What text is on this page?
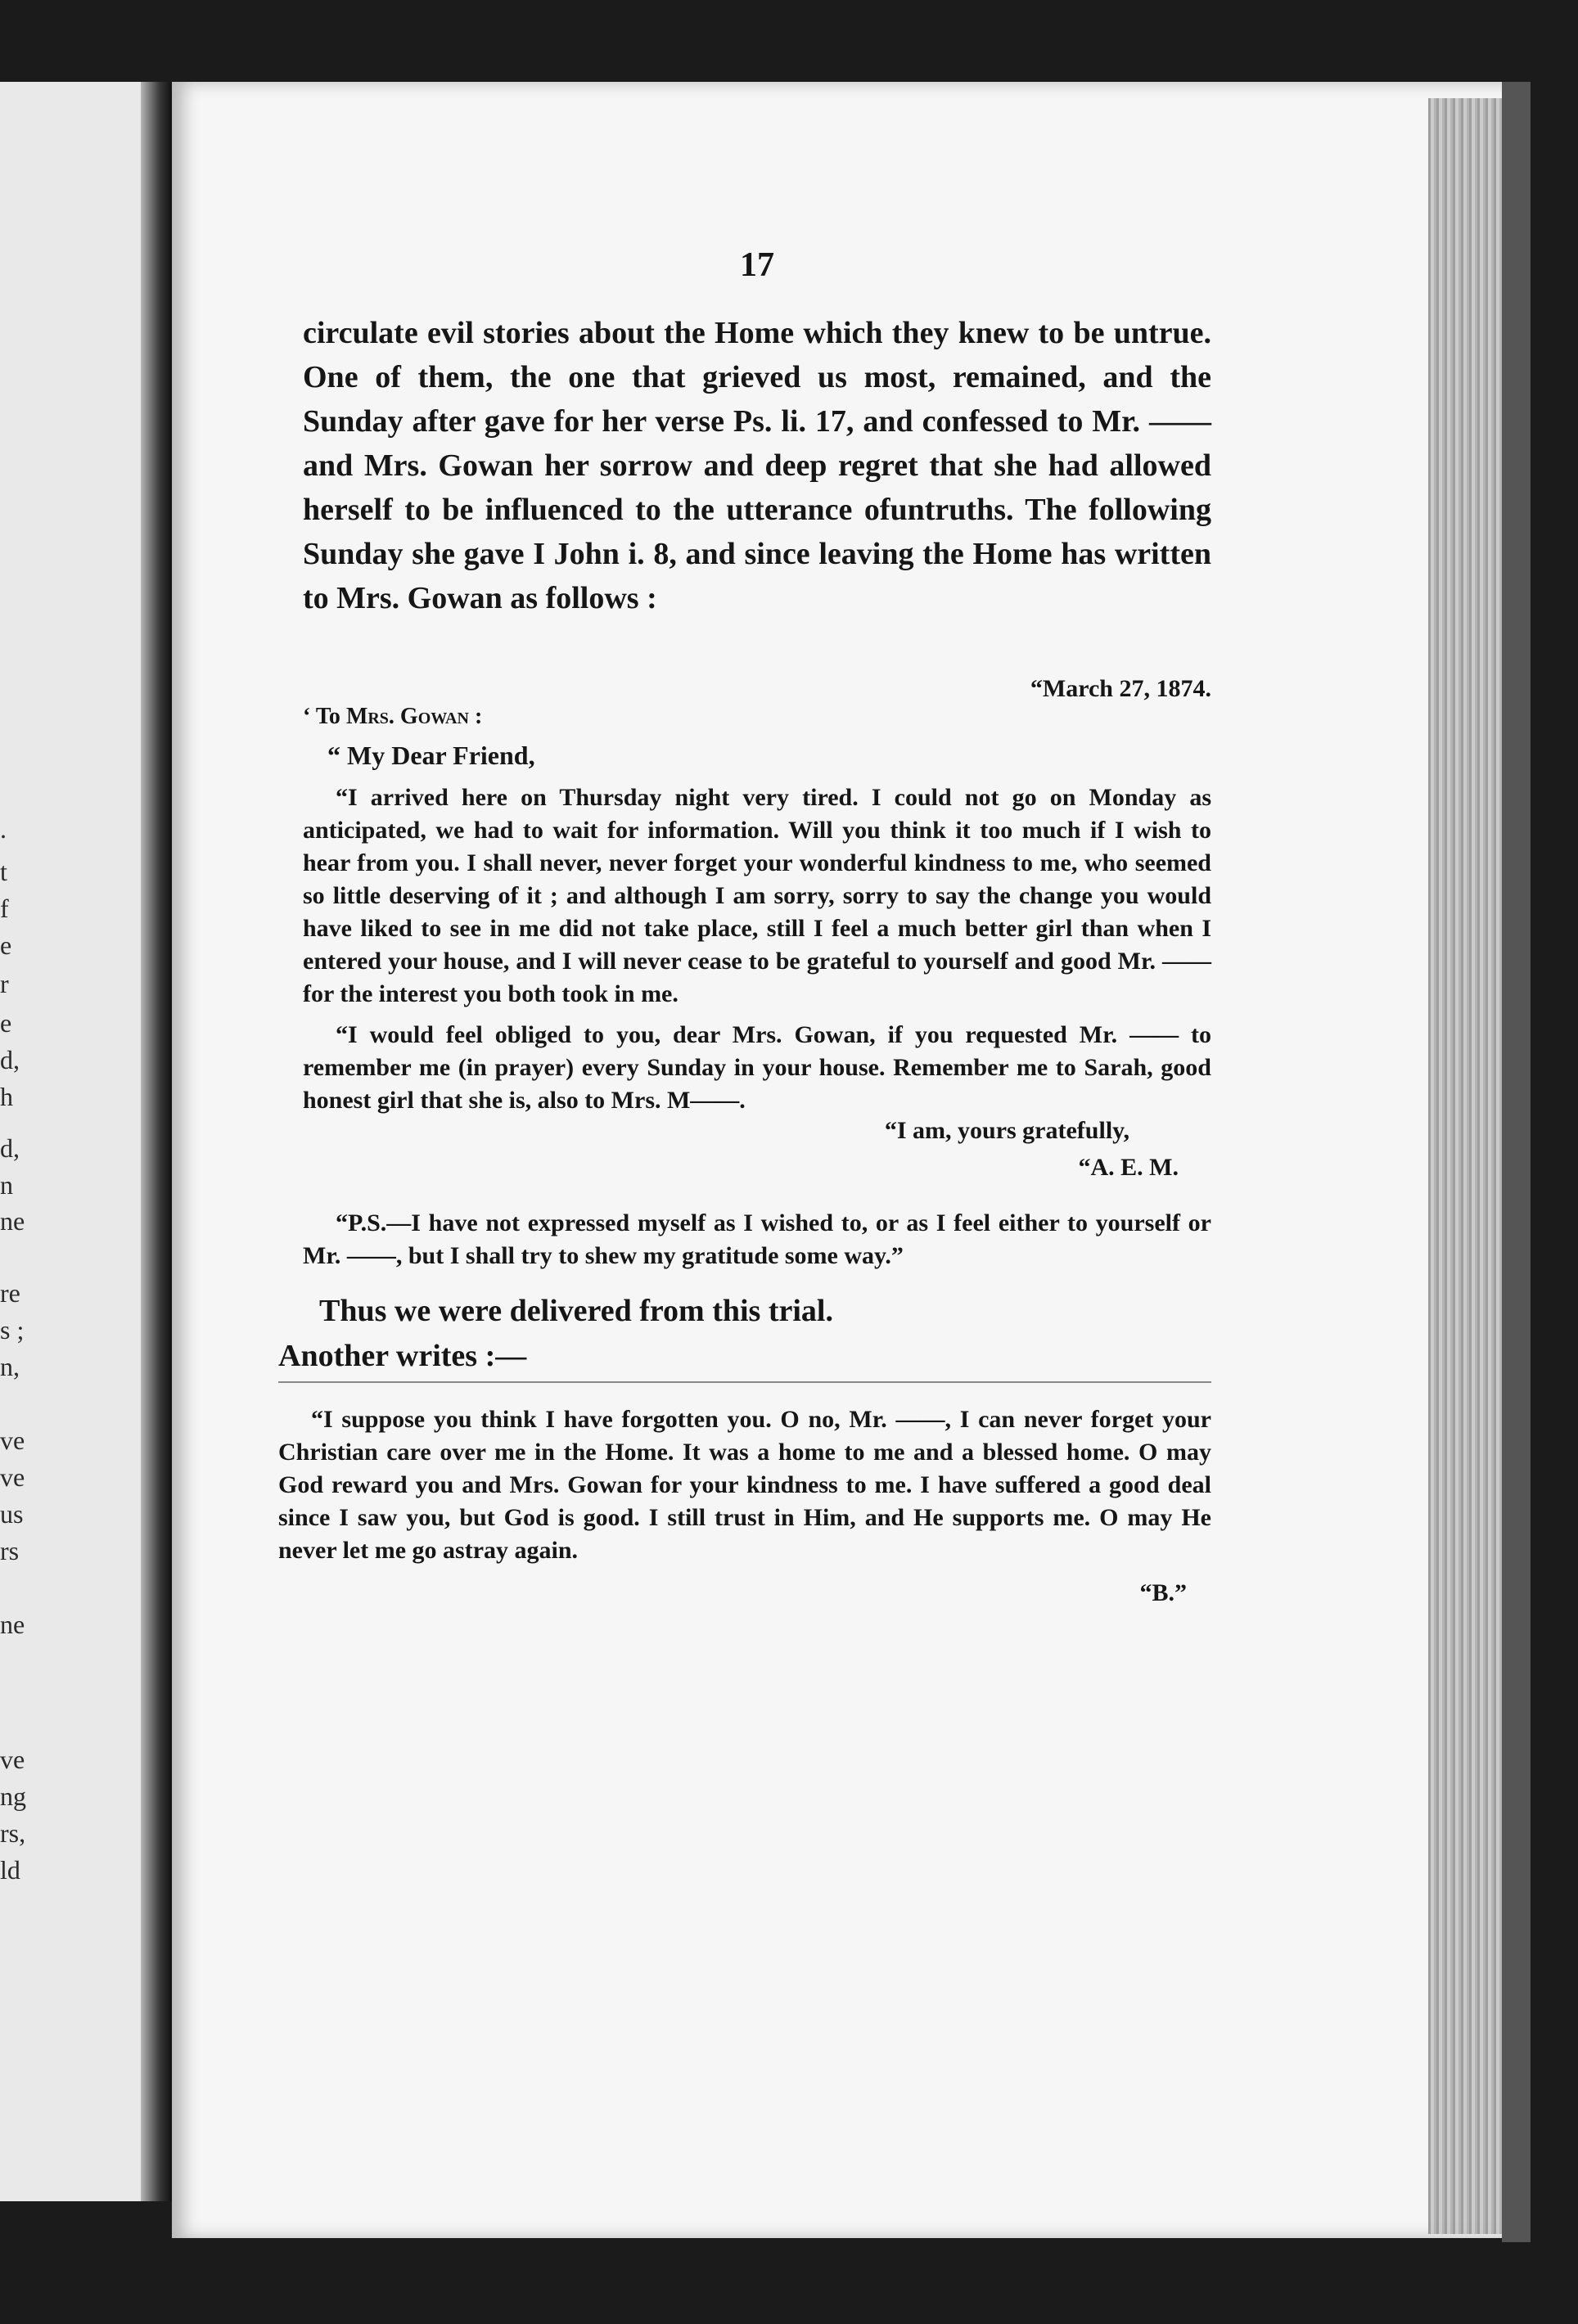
.
t
f
e
r
e
d,
h
d,
n
ne
re
s ;
n,
ve
ve
us
rs
ne
ve
ng
rs,
ld
17
circulate evil stories about the Home which they knew to be untrue. One of them, the one that grieved us most, remained, and the Sunday after gave for her verse Ps. li. 17, and confessed to Mr. —— and Mrs. Gowan her sorrow and deep regret that she had allowed herself to be influenced to the utterance ofuntruths. The following Sunday she gave I John i. 8, and since leaving the Home has written to Mrs. Gowan as follows :
“March 27, 1874.
‘ To Mrs. Gowan :
“ My Dear Friend,
“I arrived here on Thursday night very tired. I could not go on Monday as anticipated, we had to wait for information. Will you think it too much if I wish to hear from you. I shall never, never forget your wonderful kindness to me, who seemed so little deserving of it ; and although I am sorry, sorry to say the change you would have liked to see in me did not take place, still I feel a much better girl than when I entered your house, and I will never cease to be grateful to yourself and good Mr. —— for the interest you both took in me.
“I would feel obliged to you, dear Mrs. Gowan, if you requested Mr. —— to remember me (in prayer) every Sunday in your house. Remember me to Sarah, good honest girl that she is, also to Mrs. M——.
“I am, yours gratefully,
“A. E. M.
“P.S.—I have not expressed myself as I wished to, or as I feel either to yourself or Mr. ——, but I shall try to shew my gratitude some way.”
Thus we were delivered from this trial.
Another writes :—
“I suppose you think I have forgotten you. O no, Mr. ——, I can never forget your Christian care over me in the Home. It was a home to me and a blessed home. O may God reward you and Mrs. Gowan for your kindness to me. I have suffered a good deal since I saw you, but God is good. I still trust in Him, and He supports me. O may He never let me go astray again.
“B.”
